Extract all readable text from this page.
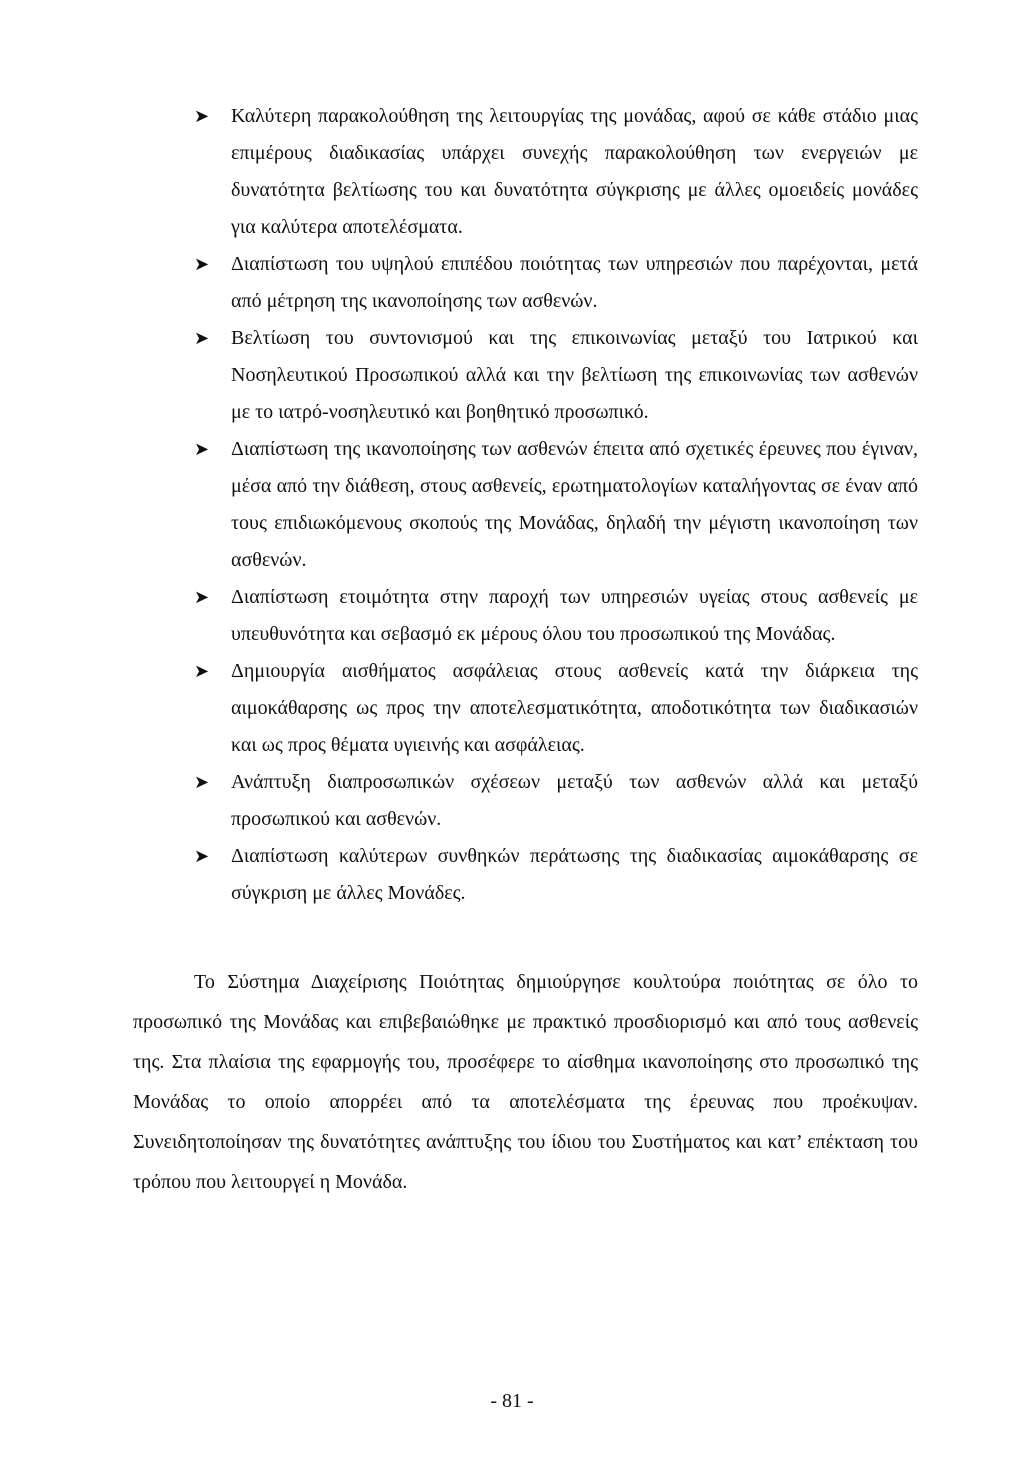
➤ Καλύτερη παρακολούθηση της λειτουργίας της μονάδας, αφού σε κάθε στάδιο μιας επιμέρους διαδικασίας υπάρχει συνεχής παρακολούθηση των ενεργειών με δυνατότητα βελτίωσης του και δυνατότητα σύγκρισης με άλλες ομοειδείς μονάδες για καλύτερα αποτελέσματα.
➤ Διαπίστωση του υψηλού επιπέδου ποιότητας των υπηρεσιών που παρέχονται, μετά από μέτρηση της ικανοποίησης των ασθενών.
➤ Βελτίωση του συντονισμού και της επικοινωνίας μεταξύ του Ιατρικού και Νοσηλευτικού Προσωπικού αλλά και την βελτίωση της επικοινωνίας των ασθενών με το ιατρό-νοσηλευτικό και βοηθητικό προσωπικό.
➤ Διαπίστωση της ικανοποίησης των ασθενών έπειτα από σχετικές έρευνες που έγιναν, μέσα από την διάθεση, στους ασθενείς, ερωτηματολογίων καταλήγοντας σε έναν από τους επιδιωκόμενους σκοπούς της Μονάδας, δηλαδή την μέγιστη ικανοποίηση των ασθενών.
➤ Διαπίστωση ετοιμότητα στην παροχή των υπηρεσιών υγείας στους ασθενείς με υπευθυνότητα και σεβασμό εκ μέρους όλου του προσωπικού της Μονάδας.
➤ Δημιουργία αισθήματος ασφάλειας στους ασθενείς κατά την διάρκεια της αιμοκάθαρσης ως προς την αποτελεσματικότητα, αποδοτικότητα των διαδικασιών και ως προς θέματα υγιεινής και ασφάλειας.
➤ Ανάπτυξη διαπροσωπικών σχέσεων μεταξύ των ασθενών αλλά και μεταξύ προσωπικού και ασθενών.
➤ Διαπίστωση καλύτερων συνθηκών περάτωσης της διαδικασίας αιμοκάθαρσης σε σύγκριση με άλλες Μονάδες.

Το Σύστημα Διαχείρισης Ποιότητας δημιούργησε κουλτούρα ποιότητας σε όλο το προσωπικό της Μονάδας και επιβεβαιώθηκε με πρακτικό προσδιορισμό και από τους ασθενείς της. Στα πλαίσια της εφαρμογής του, προσέφερε το αίσθημα ικανοποίησης στο προσωπικό της Μονάδας το οποίο απορρέει από τα αποτελέσματα της έρευνας που προέκυψαν. Συνειδητοποίησαν της δυνατότητες ανάπτυξης του ίδιου του Συστήματος και κατ’ επέκταση του τρόπου που λειτουργεί η Μονάδα.

- 81 -
